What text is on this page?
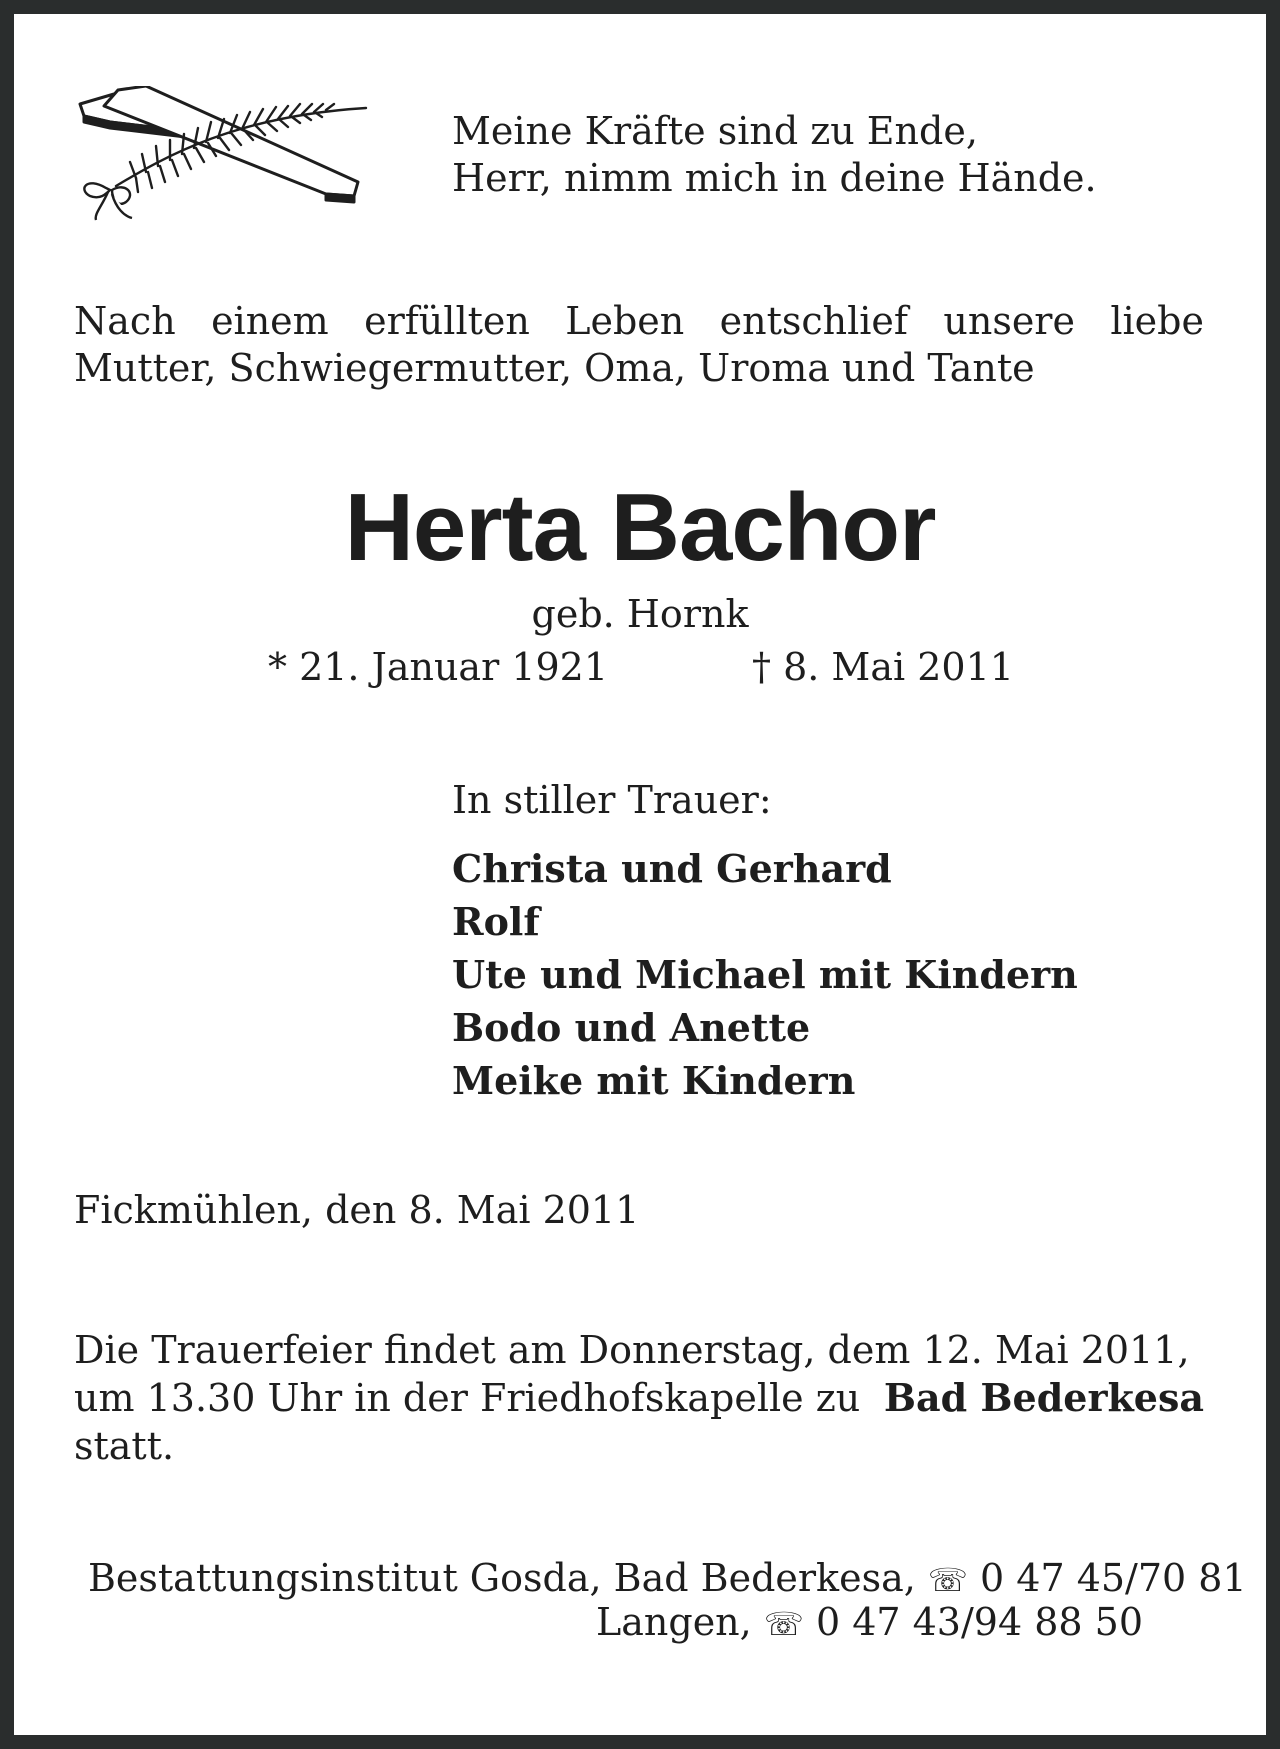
Meine Kräfte sind zu Ende,
Herr, nimm mich in deine Hände.
Nach einem erfüllten Leben entschlief unsere liebe
Mutter, Schwiegermutter, Oma, Uroma und Tante
Herta Bachor
geb. Hornk
* 21. Januar 1921	† 8. Mai 2011
In stiller Trauer:
Christa und Gerhard
Rolf
Ute und Michael mit Kindern
Bodo und Anette
Meike mit Kindern
Fickmühlen, den 8. Mai 2011
Die Trauerfeier findet am Donnerstag, dem 12. Mai 2011,
um 13.30 Uhr in der Friedhofskapelle zu Bad Bederkesa
statt.
Bestattungsinstitut Gosda, Bad Bederkesa, ☏ 0 47 45/70 81
Langen, ☏ 0 47 43/94 88 50
